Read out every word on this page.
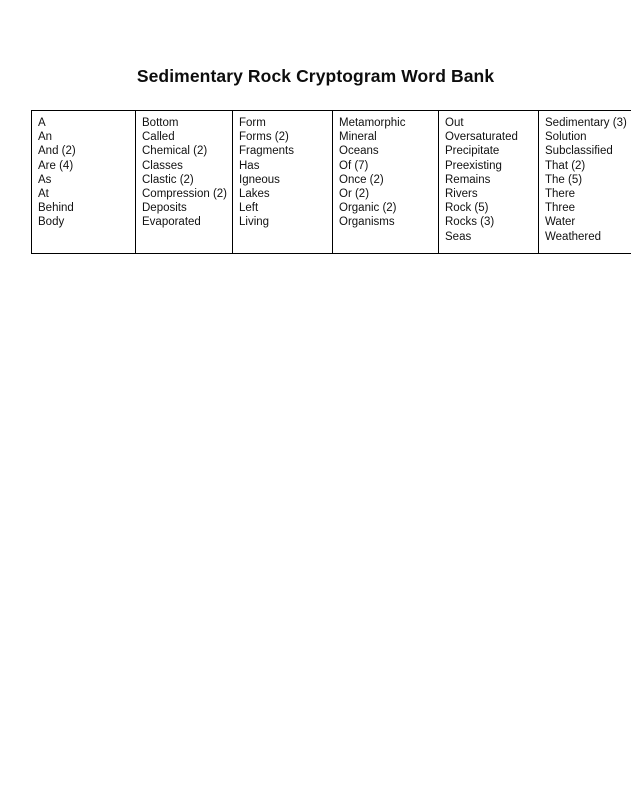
Sedimentary Rock Cryptogram Word Bank
A
An
And (2)
Are (4)
As
At
Behind
Body

Bottom
Called
Chemical (2)
Classes
Clastic (2)
Compression (2)
Deposits
Evaporated

Form
Forms (2)
Fragments
Has
Igneous
Lakes
Left
Living

Metamorphic
Mineral
Oceans
Of (7)
Once (2)
Or (2)
Organic (2)
Organisms

Out
Oversaturated
Precipitate
Preexisting
Remains
Rivers
Rock (5)
Rocks (3)
Seas

Sedimentary (3)
Solution
Subclassified
That (2)
The (5)
There
Three
Water
Weathered
